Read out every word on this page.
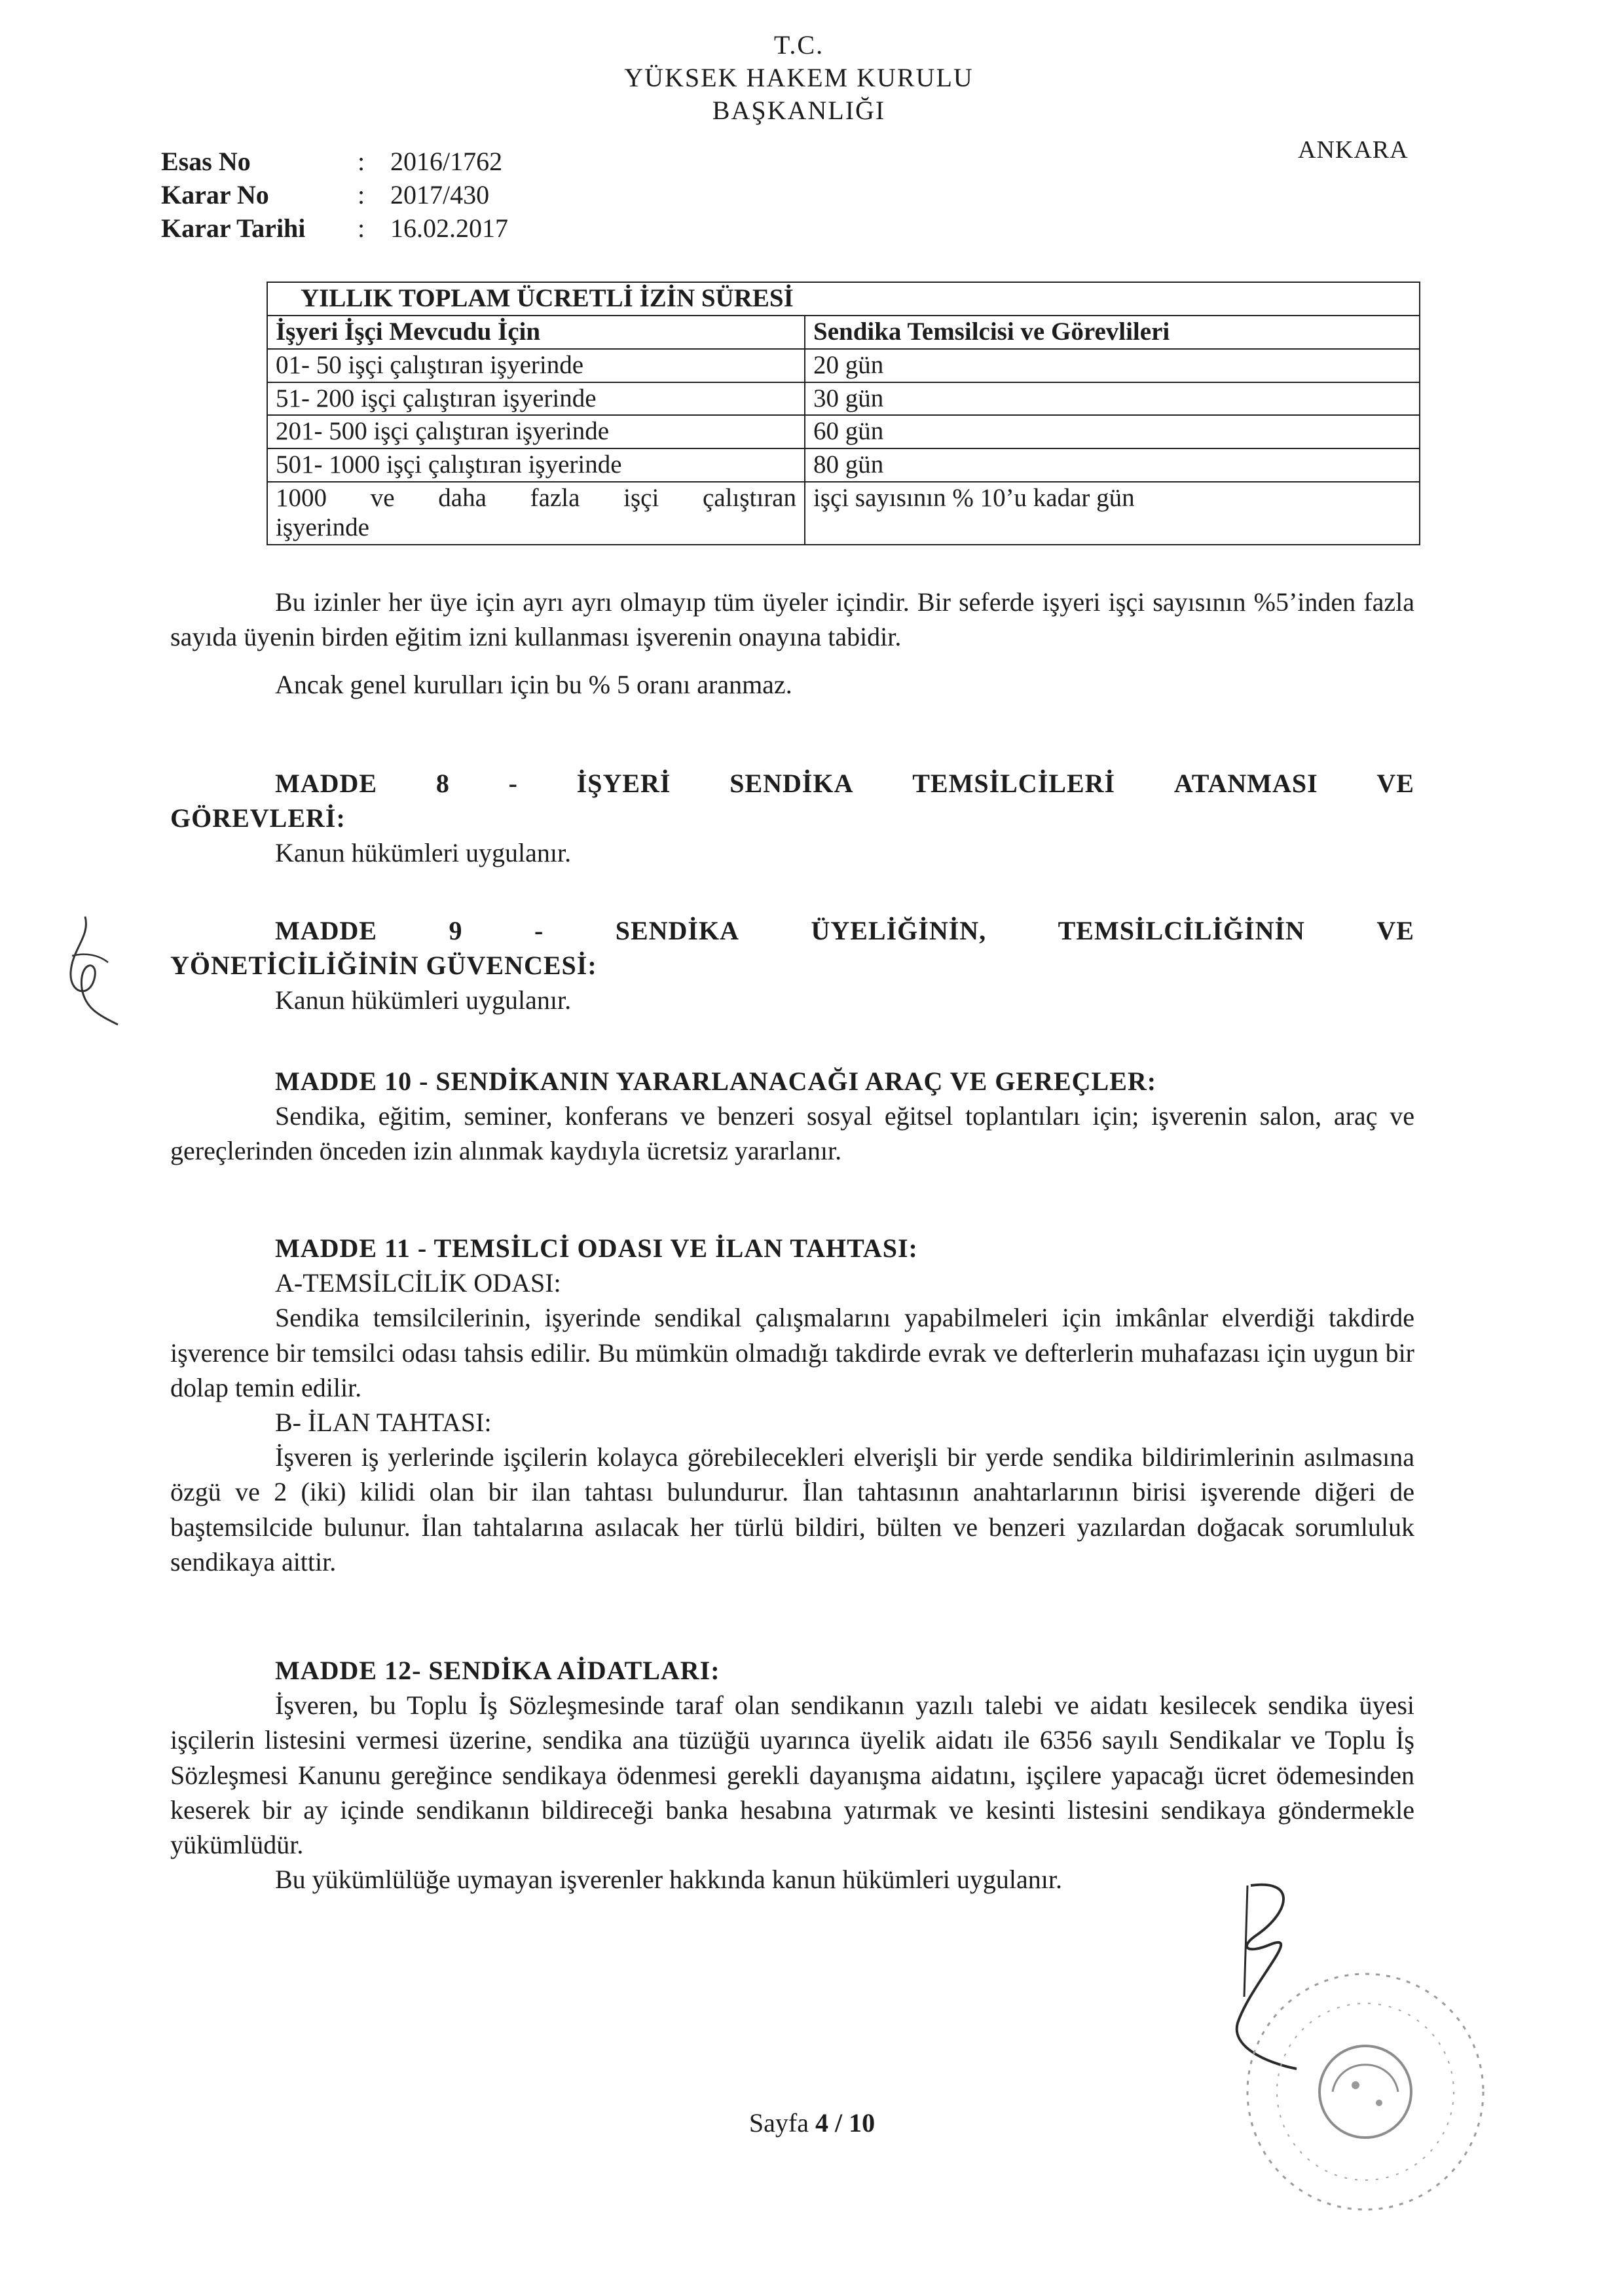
T.C.
YÜKSEK HAKEM KURULU
BAŞKANLIĞI
ANKARA
Esas No	: 2016/1762
Karar No	: 2017/430
Karar Tarihi	: 16.02.2017
YILLIK TOPLAM ÜCRETLİ İZİN SÜRESİ	
İşyeri İşçi Mevcudu İçin	Sendika Temsilcisi ve Görevlileri
01- 50 işçi çalıştıran işyerinde	20 gün
51- 200 işçi çalıştıran işyerinde	30 gün
201- 500 işçi çalıştıran işyerinde	60 gün
501- 1000 işçi çalıştıran işyerinde	80 gün

1000 ve daha fazla işçi çalıştıran
işyerinde	işçi sayısının % 10’u kadar gün

Bu izinler her üye için ayrı ayrı olmayıp tüm üyeler içindir. Bir seferde işyeri işçi sayısının %5’inden fazla sayıda üyenin birden eğitim izni kullanması işverenin onayına tabidir.

Ancak genel kurulları için bu % 5 oranı aranmaz.

MADDE 8 - İŞYERİ SENDİKA TEMSİLCİLERİ ATANMASI VE
GÖREVLERİ:

Kanun hükümleri uygulanır.

MADDE	9	-	SENDİKA	ÜYELİĞİNİN,	TEMSİLCİLİĞİNİN	VE
YÖNETİCİLİĞİNİN GÜVENCESİ:

Kanun hükümleri uygulanır.

MADDE 10 - SENDİKANIN YARARLANACAĞI ARAÇ VE GEREÇLER:

Sendika, eğitim, seminer, konferans ve benzeri sosyal eğitsel toplantıları için; işverenin salon, araç ve gereçlerinden önceden izin alınmak kaydıyla ücretsiz yararlanır.

MADDE 11 - TEMSİLCİ ODASI VE İLAN TAHTASI:
A-TEMSİLCİLİK ODASI:

Sendika temsilcilerinin, işyerinde sendikal çalışmalarını yapabilmeleri için imkânlar elverdiği takdirde işverence bir temsilci odası tahsis edilir. Bu mümkün olmadığı takdirde evrak ve defterlerin muhafazası için uygun bir dolap temin edilir.

B- İLAN TAHTASI:

İşveren iş yerlerinde işçilerin kolayca görebilecekleri elverişli bir yerde sendika bildirimlerinin asılmasına özgü ve 2 (iki) kilidi olan bir ilan tahtası bulundurur. İlan tahtasının anahtarlarının birisi işverende diğeri de baştemsilcide bulunur. İlan tahtalarına asılacak her türlü bildiri, bülten ve benzeri yazılardan doğacak sorumluluk sendikaya aittir.

MADDE 12- SENDİKA AİDATLARI:

İşveren, bu Toplu İş Sözleşmesinde taraf olan sendikanın yazılı talebi ve aidatı kesilecek sendika üyesi işçilerin listesini vermesi üzerine, sendika ana tüzüğü uyarınca üyelik aidatı ile 6356 sayılı Sendikalar ve Toplu İş Sözleşmesi Kanunu gereğince sendikaya ödenmesi gerekli dayanışma aidatını, işçilere yapacağı ücret ödemesinden keserek bir ay içinde sendikanın bildireceği banka hesabına yatırmak ve kesinti listesini sendikaya göndermekle yükümlüdür.

Bu yükümlülüğe uymayan işverenler hakkında kanun hükümleri uygulanır.

Sayfa 4 / 10
